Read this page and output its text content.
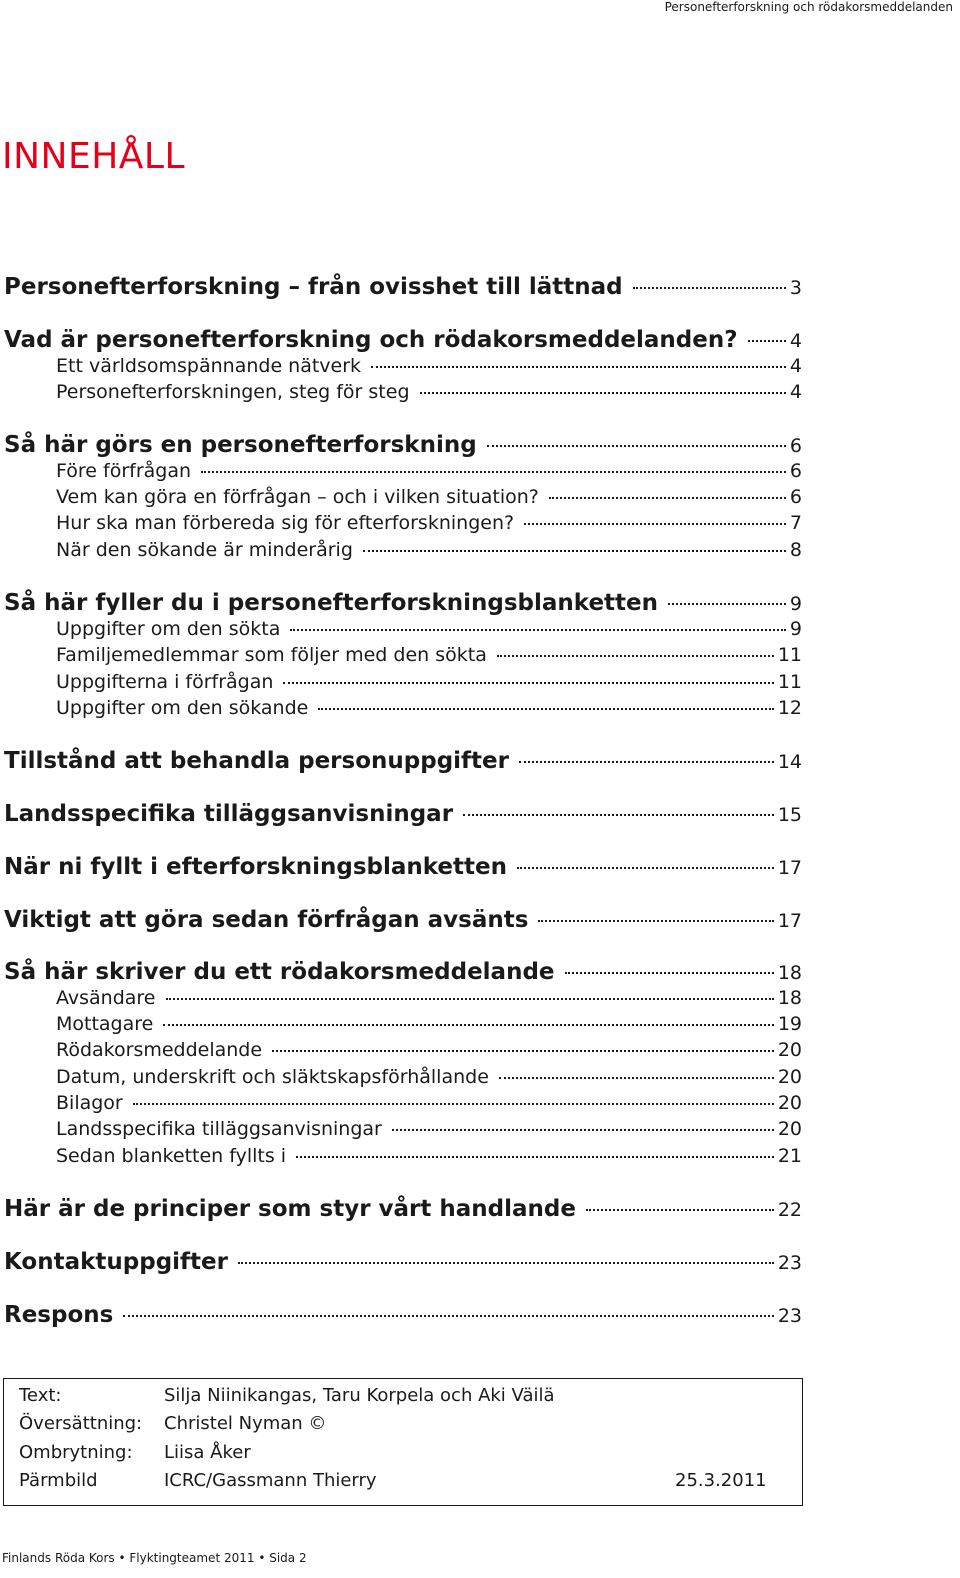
Personefterforskning och rödakorsmeddelanden
INNEHÅLL
Personefterforskning – från ovisshet till lättnad	3
Vad är personefterforskning och rödakorsmeddelanden?	4
Ett världsomspännande nätverk	4
Personefterforskningen, steg för steg	4
Så här görs en personefterforskning	6
Före förfrågan	6
Vem kan göra en förfrågan – och i vilken situation?	6
Hur ska man förbereda sig för efterforskningen?	7
När den sökande är minderårig	8
Så här fyller du i personefterforskningsblanketten	9
Uppgifter om den sökta	9
Familjemedlemmar som följer med den sökta	11
Uppgifterna i förfrågan	11
Uppgifter om den sökande	12
Tillstånd att behandla personuppgifter	14
Landsspecifika tilläggsanvisningar	15
När ni fyllt i efterforskningsblanketten	17
Viktigt att göra sedan förfrågan avsänts	17
Så här skriver du ett rödakorsmeddelande	18
Avsändare	18
Mottagare	19
Rödakorsmeddelande	20
Datum, underskrift och släktskapsförhållande	20
Bilagor	20
Landsspecifika tilläggsanvisningar	20
Sedan blanketten fyllts i	21
Här är de principer som styr vårt handlande	22
Kontaktuppgifter	23
Respons	23
Text:	Silja Niinikangas, Taru Korpela och Aki Väilä
Översättning: Christel Nyman ©
Ombrytning: Liisa Åker
Pärmbild	ICRC/Gassmann Thierry	25.3.2011
Finlands Röda Kors • Flyktingteamet 2011 • Sida 2
